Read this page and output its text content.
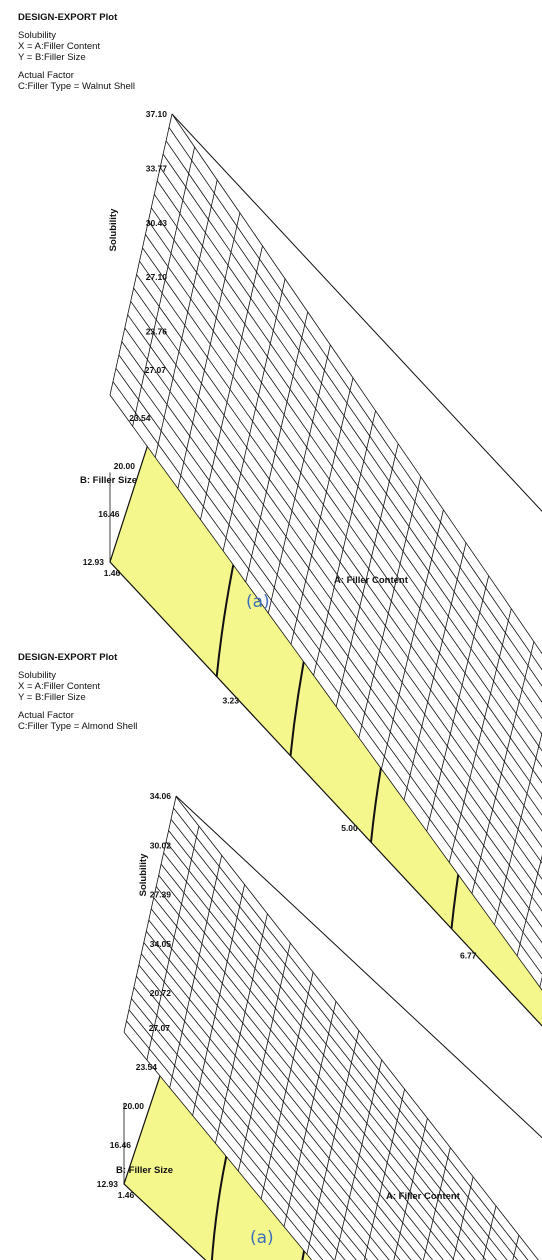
DESIGN-EXPORT Plot
Solubility
X = A:Filler Content
Y = B:Filler Size
Actual Factor
C:Filler Type = Walnut Shell
37.10
33.77
30.43
27.10
23.76
27.07
23.54
20.00
16.46
12.93
1.46
3.23
5.00
6.77
Solubility
B: Filler Size
A: Filler Content
(a)
DESIGN-EXPORT Plot
Solubility
X = A:Filler Content
Y = B:Filler Size
Actual Factor
C:Filler Type = Almond Shell
34.06
30.02
27.39
34.05
20.72
27.07
23.54
20.00
16.46
12.93
1.46
Solubility
B: Filler Size
A: Filler Content
(a)
